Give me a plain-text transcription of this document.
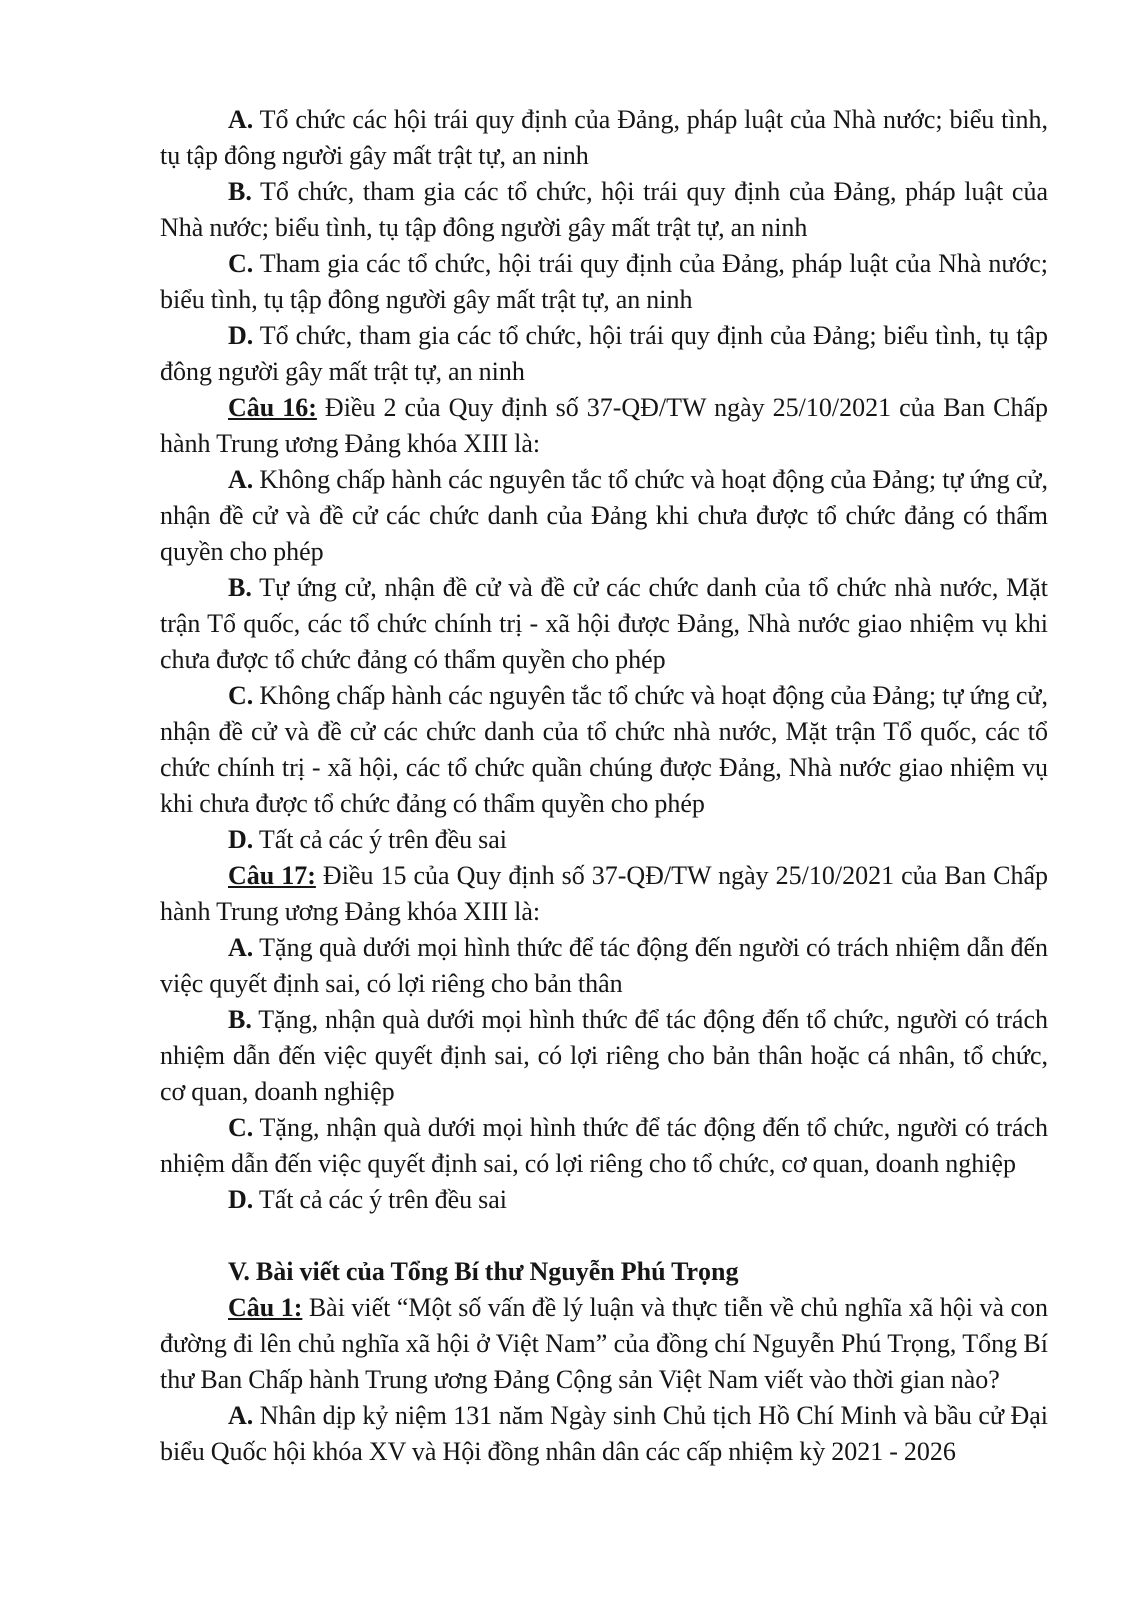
A. Tổ chức các hội trái quy định của Đảng, pháp luật của Nhà nước; biểu tình, tụ tập đông người gây mất trật tự, an ninh

B. Tổ chức, tham gia các tổ chức, hội trái quy định của Đảng, pháp luật của Nhà nước; biểu tình, tụ tập đông người gây mất trật tự, an ninh

C. Tham gia các tổ chức, hội trái quy định của Đảng, pháp luật của Nhà nước; biểu tình, tụ tập đông người gây mất trật tự, an ninh

D. Tổ chức, tham gia các tổ chức, hội trái quy định của Đảng; biểu tình, tụ tập đông người gây mất trật tự, an ninh

Câu 16: Điều 2 của Quy định số 37-QĐ/TW ngày 25/10/2021 của Ban Chấp hành Trung ương Đảng khóa XIII là:

A. Không chấp hành các nguyên tắc tổ chức và hoạt động của Đảng; tự ứng cử, nhận đề cử và đề cử các chức danh của Đảng khi chưa được tổ chức đảng có thẩm quyền cho phép

B. Tự ứng cử, nhận đề cử và đề cử các chức danh của tổ chức nhà nước, Mặt trận Tổ quốc, các tổ chức chính trị - xã hội được Đảng, Nhà nước giao nhiệm vụ khi chưa được tổ chức đảng có thẩm quyền cho phép

C. Không chấp hành các nguyên tắc tổ chức và hoạt động của Đảng; tự ứng cử, nhận đề cử và đề cử các chức danh của tổ chức nhà nước, Mặt trận Tổ quốc, các tổ chức chính trị - xã hội, các tổ chức quần chúng được Đảng, Nhà nước giao nhiệm vụ khi chưa được tổ chức đảng có thẩm quyền cho phép

D. Tất cả các ý trên đều sai

Câu 17: Điều 15 của Quy định số 37-QĐ/TW ngày 25/10/2021 của Ban Chấp hành Trung ương Đảng khóa XIII là:

A. Tặng quà dưới mọi hình thức để tác động đến người có trách nhiệm dẫn đến việc quyết định sai, có lợi riêng cho bản thân

B. Tặng, nhận quà dưới mọi hình thức để tác động đến tổ chức, người có trách nhiệm dẫn đến việc quyết định sai, có lợi riêng cho bản thân hoặc cá nhân, tổ chức, cơ quan, doanh nghiệp

C. Tặng, nhận quà dưới mọi hình thức để tác động đến tổ chức, người có trách nhiệm dẫn đến việc quyết định sai, có lợi riêng cho tổ chức, cơ quan, doanh nghiệp

D. Tất cả các ý trên đều sai

V. Bài viết của Tổng Bí thư Nguyễn Phú Trọng

Câu 1: Bài viết “Một số vấn đề lý luận và thực tiễn về chủ nghĩa xã hội và con đường đi lên chủ nghĩa xã hội ở Việt Nam” của đồng chí Nguyễn Phú Trọng, Tổng Bí thư Ban Chấp hành Trung ương Đảng Cộng sản Việt Nam viết vào thời gian nào?

A. Nhân dịp kỷ niệm 131 năm Ngày sinh Chủ tịch Hồ Chí Minh và bầu cử Đại biểu Quốc hội khóa XV và Hội đồng nhân dân các cấp nhiệm kỳ 2021 - 2026
